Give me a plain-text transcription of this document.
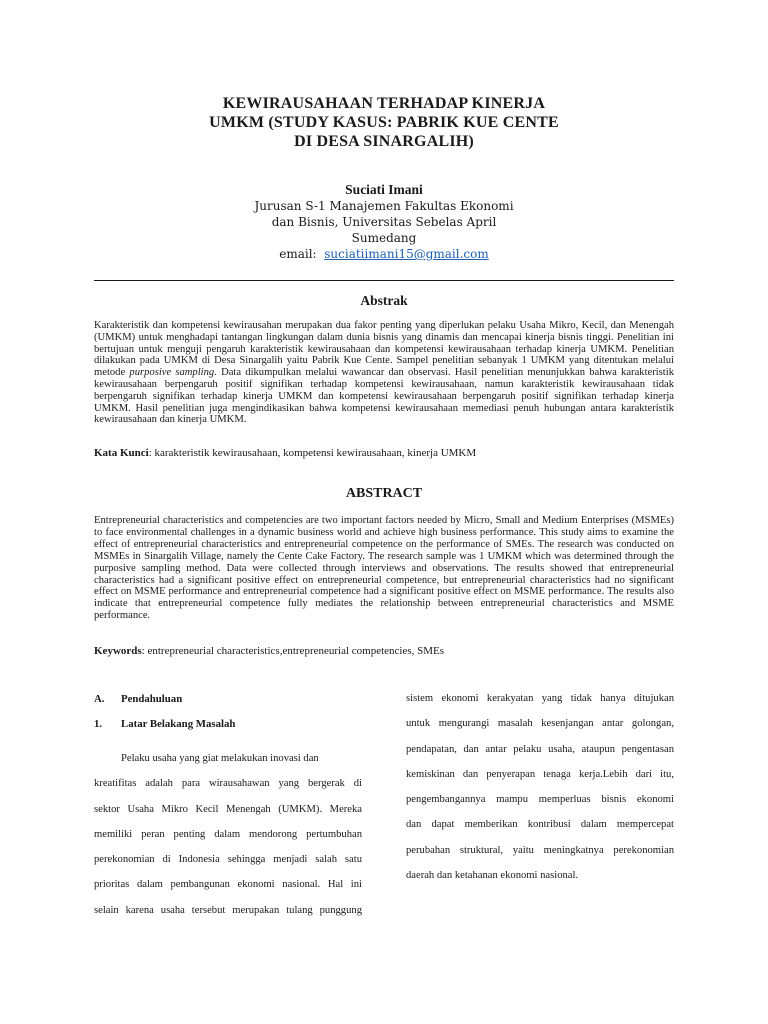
KEWIRAUSAHAAN TERHADAP KINERJA
UMKM (STUDY KASUS: PABRIK KUE CENTE
DI DESA SINARGALIH)
Suciati Imani
Jurusan S-1 Manajemen Fakultas Ekonomi
dan Bisnis, Universitas Sebelas April
Sumedang
email: suciatiimani15@gmail.com
Abstrak
Karakteristik dan kompetensi kewirausahan merupakan dua fakor penting yang diperlukan pelaku Usaha Mikro, Kecil, dan Menengah (UMKM) untuk menghadapi tantangan lingkungan dalam dunia bisnis yang dinamis dan mencapai kinerja bisnis tinggi. Penelitian ini bertujuan untuk menguji pengaruh karakteristik kewirausahaan dan kompetensi kewirausahaan terhadap kinerja UMKM. Penelitian dilakukan pada UMKM di Desa Sinargalih yaitu Pabrik Kue Cente. Sampel penelitian sebanyak 1 UMKM yang ditentukan melalui metode purposive sampling. Data dikumpulkan melalui wawancar dan observasi. Hasil penelitian menunjukkan bahwa karakteristik kewirausahaan berpengaruh positif signifikan terhadap kompetensi kewirausahaan, namun karakteristik kewirausahaan tidak berpengaruh signifikan terhadap kinerja UMKM dan kompetensi kewirausahaan berpengaruh positif signifikan terhadap kinerja UMKM. Hasil penelitian juga mengindikasikan bahwa kompetensi kewirausahaan memediasi penuh hubungan antara karakteristik kewirausahaan dan kinerja UMKM.
Kata Kunci: karakteristik kewirausahaan, kompetensi kewirausahaan, kinerja UMKM
ABSTRACT
Entrepreneurial characteristics and competencies are two important factors needed by Micro, Small and Medium Enterprises (MSMEs) to face environmental challenges in a dynamic business world and achieve high business performance. This study aims to examine the effect of entrepreneurial characteristics and entrepreneurial competence on the performance of SMEs. The research was conducted on MSMEs in Sinargalih Village, namely the Cente Cake Factory. The research sample was 1 UMKM which was determined through the purposive sampling method. Data were collected through interviews and observations. The results showed that entrepreneurial characteristics had a significant positive effect on entrepreneurial competence, but entrepreneurial characteristics had no significant effect on MSME performance and entrepreneurial competence had a significant positive effect on MSME performance. The results also indicate that entrepreneurial competence fully mediates the relationship between entrepreneurial characteristics and MSME performance.
Keywords: entrepreneurial characteristics,entrepreneurial competencies, SMEs
A. Pendahuluan
1. Latar Belakang Masalah
Pelaku usaha yang giat melakukan inovasi dan
kreatifitas adalah para wirausahawan yang bergerak di
sektor Usaha Mikro Kecil Menengah (UMKM). Mereka
memiliki peran penting dalam mendorong pertumbuhan
perekonomian di Indonesia sehingga menjadi salah satu
prioritas dalam pembangunan ekonomi nasional. Hal ini
selain karena usaha tersebut merupakan tulang punggung
sistem ekonomi kerakyatan yang tidak hanya ditujukan
untuk mengurangi masalah kesenjangan antar golongan,
pendapatan, dan antar pelaku usaha, ataupun pengentasan
kemiskinan dan penyerapan tenaga kerja.Lebih dari itu,
pengembangannya mampu memperluas bisnis ekonomi
dan dapat memberikan kontribusi dalam mempercepat
perubahan struktural, yaitu meningkatnya perekonomian
daerah dan ketahanan ekonomi nasional.
